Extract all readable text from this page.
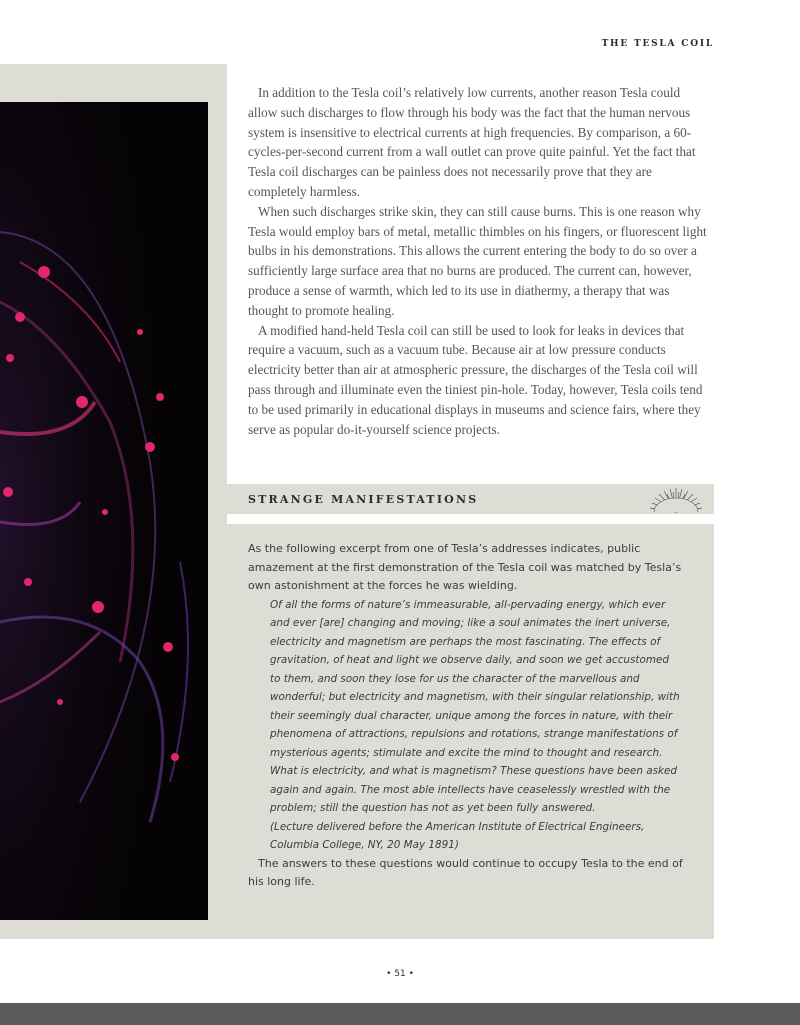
THE TESLA COIL

In addition to the Tesla coil’s relatively low currents, another reason Tesla could allow such discharges to flow through his body was the fact that the human nervous system is insensitive to electrical currents at high frequencies. By comparison, a 60-cycles-per-second current from a wall outlet can prove quite painful. Yet the fact that Tesla coil discharges can be painless does not necessarily prove that they are completely harmless.

When such discharges strike skin, they can still cause burns. This is one reason why Tesla would employ bars of metal, metallic thimbles on his fingers, or fluorescent light bulbs in his demonstrations. This allows the current entering the body to do so over a sufficiently large surface area that no burns are produced. The current can, however, produce a sense of warmth, which led to its use in diathermy, a therapy that was thought to promote healing.

A modified hand-held Tesla coil can still be used to look for leaks in devices that require a vacuum, such as a vacuum tube. Because air at low pressure conducts electricity better than air at atmospheric pressure, the discharges of the Tesla coil will pass through and illuminate even the tiniest pin-hole. Today, however, Tesla coils tend to be used primarily in educational displays in museums and science fairs, where they serve as popular do-it-yourself science projects.

STRANGE MANIFESTATIONS

As the following excerpt from one of Tesla’s addresses indicates, public amazement at the first demonstration of the Tesla coil was matched by Tesla’s own astonishment at the forces he was wielding.

Of all the forms of nature’s immeasurable, all-pervading energy, which ever and ever [are] changing and moving; like a soul animates the inert universe, electricity and magnetism are perhaps the most fascinating. The effects of gravitation, of heat and light we observe daily, and soon we get accustomed to them, and soon they lose for us the character of the marvellous and wonderful; but electricity and magnetism, with their singular relationship, with their seemingly dual character, unique among the forces in nature, with their phenomena of attractions, repulsions and rotations, strange manifestations of mysterious agents; stimulate and excite the mind to thought and research. What is electricity, and what is magnetism? These questions have been asked again and again. The most able intellects have ceaselessly wrestled with the problem; still the question has not as yet been fully answered.

(Lecture delivered before the American Institute of Electrical Engineers, Columbia College, NY, 20 May 1891)

The answers to these questions would continue to occupy Tesla to the end of his long life.

• 51 •
